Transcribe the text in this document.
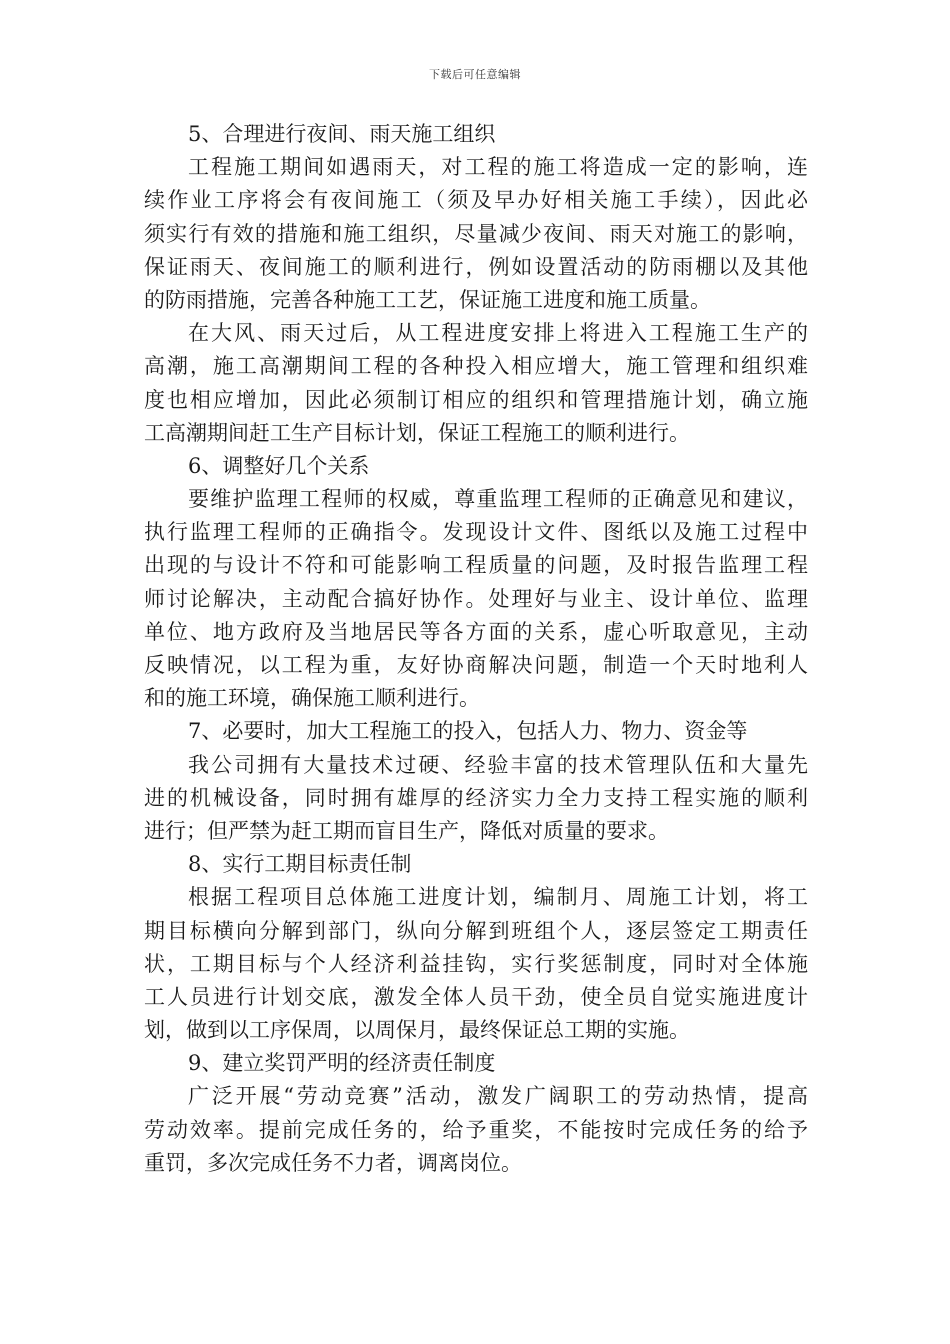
下载后可任意编辑
5、合理进行夜间、雨天施工组织
工程施工期间如遇雨天，对工程的施工将造成一定的影响，连
续作业工序将会有夜间施工（须及早办好相关施工手续），因此必
须实行有效的措施和施工组织，尽量减少夜间、雨天对施工的影响，
保证雨天、夜间施工的顺利进行，例如设置活动的防雨棚以及其他
的防雨措施，完善各种施工工艺，保证施工进度和施工质量。
在大风、雨天过后，从工程进度安排上将进入工程施工生产的
高潮，施工高潮期间工程的各种投入相应增大，施工管理和组织难
度也相应增加，因此必须制订相应的组织和管理措施计划，确立施
工高潮期间赶工生产目标计划，保证工程施工的顺利进行。
6、调整好几个关系
要维护监理工程师的权威，尊重监理工程师的正确意见和建议，
执行监理工程师的正确指令。发现设计文件、图纸以及施工过程中
出现的与设计不符和可能影响工程质量的问题，及时报告监理工程
师讨论解决，主动配合搞好协作。处理好与业主、设计单位、监理
单位、地方政府及当地居民等各方面的关系，虚心听取意见，主动
反映情况，以工程为重，友好协商解决问题，制造一个天时地利人
和的施工环境，确保施工顺利进行。
7、必要时，加大工程施工的投入，包括人力、物力、资金等
我公司拥有大量技术过硬、经验丰富的技术管理队伍和大量先
进的机械设备，同时拥有雄厚的经济实力全力支持工程实施的顺利
进行；但严禁为赶工期而盲目生产，降低对质量的要求。
8、实行工期目标责任制
根据工程项目总体施工进度计划，编制月、周施工计划，将工
期目标横向分解到部门，纵向分解到班组个人，逐层签定工期责任
状，工期目标与个人经济利益挂钩，实行奖惩制度，同时对全体施
工人员进行计划交底，激发全体人员干劲，使全员自觉实施进度计
划，做到以工序保周，以周保月，最终保证总工期的实施。
9、建立奖罚严明的经济责任制度
广泛开展“劳动竞赛”活动，激发广阔职工的劳动热情，提高
劳动效率。提前完成任务的，给予重奖，不能按时完成任务的给予
重罚，多次完成任务不力者，调离岗位。
